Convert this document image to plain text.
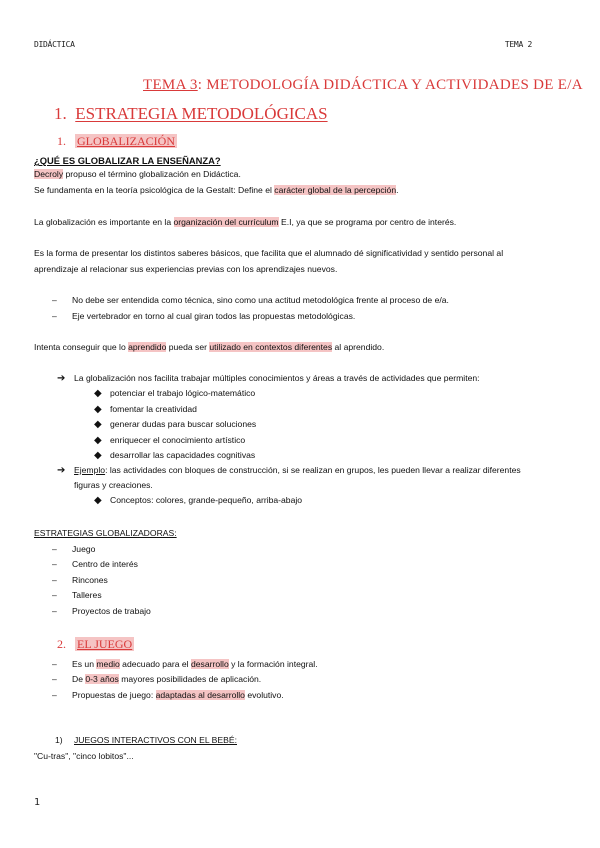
DIDÁCTICA	TEMA 2
TEMA 3: METODOLOGÍA DIDÁCTICA Y ACTIVIDADES DE E/A
1. ESTRATEGIA METODOLÓGICAS
1. GLOBALIZACIÓN
¿QUÉ ES GLOBALIZAR LA ENSEÑANZA?
Decroly propuso el término globalización en Didáctica.
Se fundamenta en la teoría psicológica de la Gestalt: Define el carácter global de la percepción.
La globalización es importante en la organización del currículum E.I, ya que se programa por centro de interés.
Es la forma de presentar los distintos saberes básicos, que facilita que el alumnado dé significatividad y sentido personal al
aprendizaje al relacionar sus experiencias previas con los aprendizajes nuevos.
– No debe ser entendida como técnica, sino como una actitud metodológica frente al proceso de e/a.
– Eje vertebrador en torno al cual giran todos las propuestas metodológicas.
Intenta conseguir que lo aprendido pueda ser utilizado en contextos diferentes al aprendido.
➔ La globalización nos facilita trabajar múltiples conocimientos y áreas a través de actividades que permiten:
◆ potenciar el trabajo lógico-matemático
◆ fomentar la creatividad
◆ generar dudas para buscar soluciones
◆ enriquecer el conocimiento artístico
◆ desarrollar las capacidades cognitivas
➔ Ejemplo: las actividades con bloques de construcción, si se realizan en grupos, les pueden llevar a realizar diferentes
figuras y creaciones.
◆ Conceptos: colores, grande-pequeño, arriba-abajo
ESTRATEGIAS GLOBALIZADORAS:
– Juego
– Centro de interés
– Rincones
– Talleres
– Proyectos de trabajo
2. EL JUEGO
– Es un medio adecuado para el desarrollo y la formación integral.
– De 0-3 años mayores posibilidades de aplicación.
– Propuestas de juego: adaptadas al desarrollo evolutivo.
1) JUEGOS INTERACTIVOS CON EL BEBÉ:
"Cu-tras", "cinco lobitos"...
1
